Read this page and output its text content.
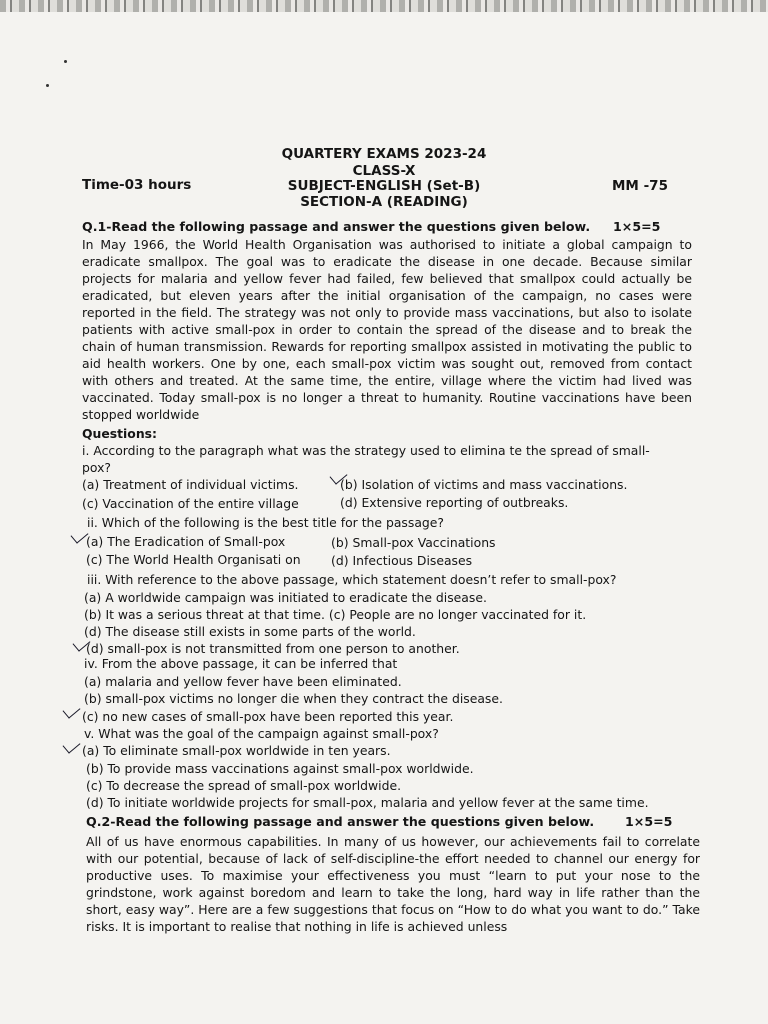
QUARTERY EXAMS 2023-24
CLASS-X
Time-03 hours	SUBJECT-ENGLISH (Set-B)	MM -75
SECTION-A (READING)
Q.1-Read the following passage and answer the questions given below. 1×5=5

In May 1966, the World Health Organisation was authorised to initiate a global campaign to eradicate smallpox. The goal was to eradicate the disease in one decade. Because similar projects for malaria and yellow fever had failed, few believed that smallpox could actually be eradicated, but eleven years after the initial organisation of the campaign, no cases were reported in the field. The strategy was not only to provide mass vaccinations, but also to isolate patients with active small-pox in order to contain the spread of the disease and to break the chain of human transmission. Rewards for reporting smallpox assisted in motivating the public to aid health workers. One by one, each small-pox victim was sought out, removed from contact with others and treated. At the same time, the entire, village where the victim had lived was vaccinated. Today small-pox is no longer a threat to humanity. Routine vaccinations have been stopped worldwide

Questions:
i. According to the paragraph what was the strategy used to elimina te the spread of small-
pox?
(a) Treatment of individual victims.	(b) Isolation of victims and mass vaccinations.
(c) Vaccination of the entire village	(d) Extensive reporting of outbreaks.
ii. Which of the following is the best title for the passage?
(a) The Eradication of Small-pox	(b) Small-pox Vaccinations
(c) The World Health Organisati on (d) Infectious Diseases
iii. With reference to the above passage, which statement doesn’t refer to small-pox?
(a) A worldwide campaign was initiated to eradicate the disease.
(b) It was a serious threat at that time. (c) People are no longer vaccinated for it.
(d) The disease still exists in some parts of the world.
(d) small-pox is not transmitted from one person to another.
iv. From the above passage, it can be inferred that
(a) malaria and yellow fever have been eliminated.
(b) small-pox victims no longer die when they contract the disease.
(c) no new cases of small-pox have been reported this year.
v. What was the goal of the campaign against small-pox?
(a) To eliminate small-pox worldwide in ten years.
(b) To provide mass vaccinations against small-pox worldwide.
(c) To decrease the spread of small-pox worldwide.
(d) To initiate worldwide projects for small-pox, malaria and yellow fever at the same time.
Q.2-Read the following passage and answer the questions given below. 1×5=5

All of us have enormous capabilities. In many of us however, our achievements fail to correlate with our potential, because of lack of self-discipline-the effort needed to channel our energy for productive uses. To maximise your effectiveness you must “learn to put your nose to the grindstone, work against boredom and learn to take the long, hard way in life rather than the short, easy way”. Here are a few suggestions that focus on “How to do what you want to do.” Take risks. It is important to realise that nothing in life is achieved unless
